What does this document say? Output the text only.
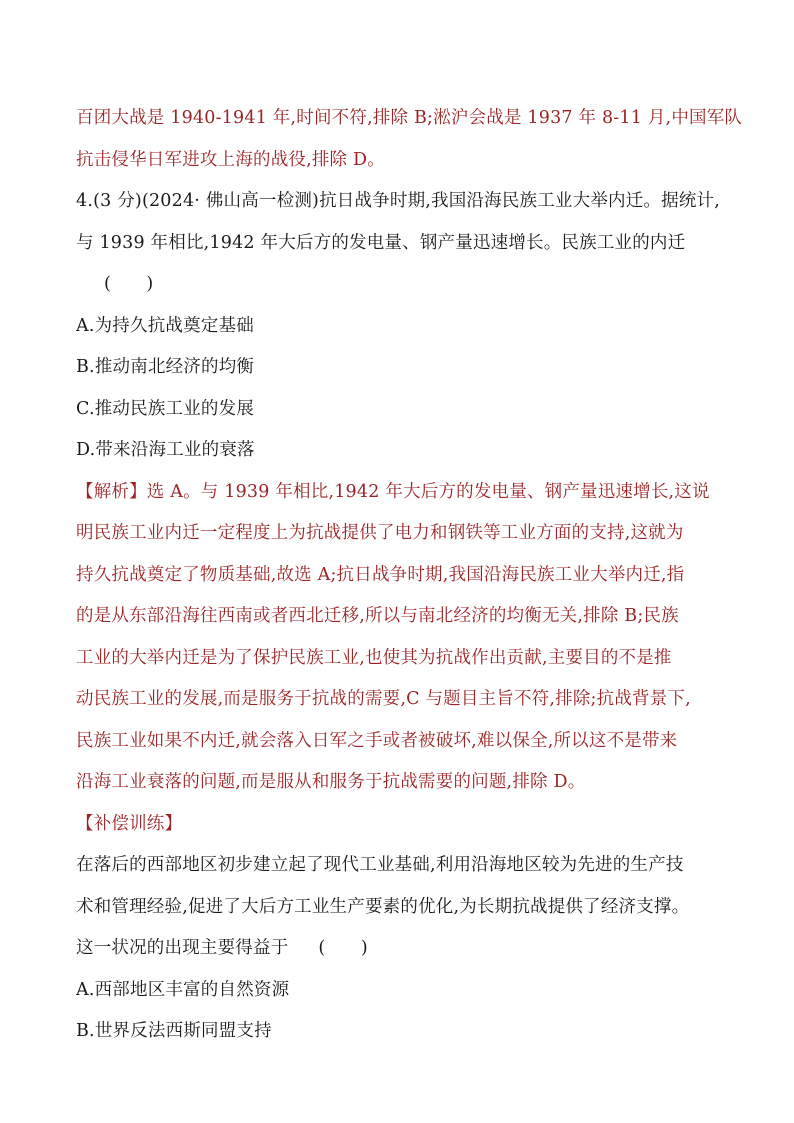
百团大战是 1940-1941 年,时间不符,排除 B;淞沪会战是 1937 年 8-11 月,中国军队
抗击侵华日军进攻上海的战役,排除 D。
4.(3 分)(2024· 佛山高一检测)抗日战争时期,我国沿海民族工业大举内迁。据统计,
与 1939 年相比,1942 年大后方的发电量、钢产量迅速增长。民族工业的内迁
(　　)
A.为持久抗战奠定基础
B.推动南北经济的均衡
C.推动民族工业的发展
D.带来沿海工业的衰落
【解析】选 A。与 1939 年相比,1942 年大后方的发电量、钢产量迅速增长,这说
明民族工业内迁一定程度上为抗战提供了电力和钢铁等工业方面的支持,这就为
持久抗战奠定了物质基础,故选 A;抗日战争时期,我国沿海民族工业大举内迁,指
的是从东部沿海往西南或者西北迁移,所以与南北经济的均衡无关,排除 B;民族
工业的大举内迁是为了保护民族工业,也使其为抗战作出贡献,主要目的不是推
动民族工业的发展,而是服务于抗战的需要,C 与题目主旨不符,排除;抗战背景下,
民族工业如果不内迁,就会落入日军之手或者被破坏,难以保全,所以这不是带来
沿海工业衰落的问题,而是服从和服务于抗战需要的问题,排除 D。
【补偿训练】
在落后的西部地区初步建立起了现代工业基础,利用沿海地区较为先进的生产技
术和管理经验,促进了大后方工业生产要素的优化,为长期抗战提供了经济支撑。
这一状况的出现主要得益于 (　　)
A.西部地区丰富的自然资源
B.世界反法西斯同盟支持
